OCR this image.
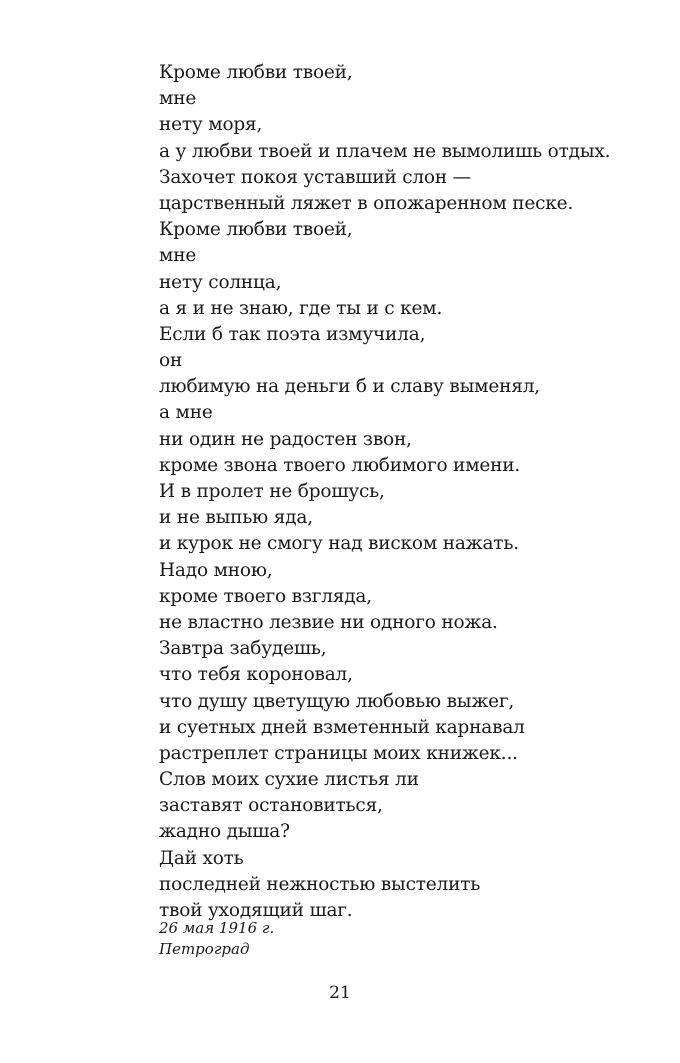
Кроме любви твоей,
мне
нету моря,
а у любви твоей и плачем не вымолишь отдых.
Захочет покоя уставший слон —
царственный ляжет в опожаренном песке.
Кроме любви твоей,
мне
нету солнца,
а я и не знаю, где ты и с кем.
Если б так поэта измучила,
он
любимую на деньги б и славу выменял,
а мне
ни один не радостен звон,
кроме звона твоего любимого имени.
И в пролет не брошусь,
и не выпью яда,
и курок не смогу над виском нажать.
Надо мною,
кроме твоего взгляда,
не властно лезвие ни одного ножа.
Завтра забудешь,
что тебя короновал,
что душу цветущую любовью выжег,
и суетных дней взметенный карнавал
растреплет страницы моих книжек...
Слов моих сухие листья ли
заставят остановиться,
жадно дыша?
Дай хоть
последней нежностью выстелить
твой уходящий шаг.
26 мая 1916 г.
Петроград
21
